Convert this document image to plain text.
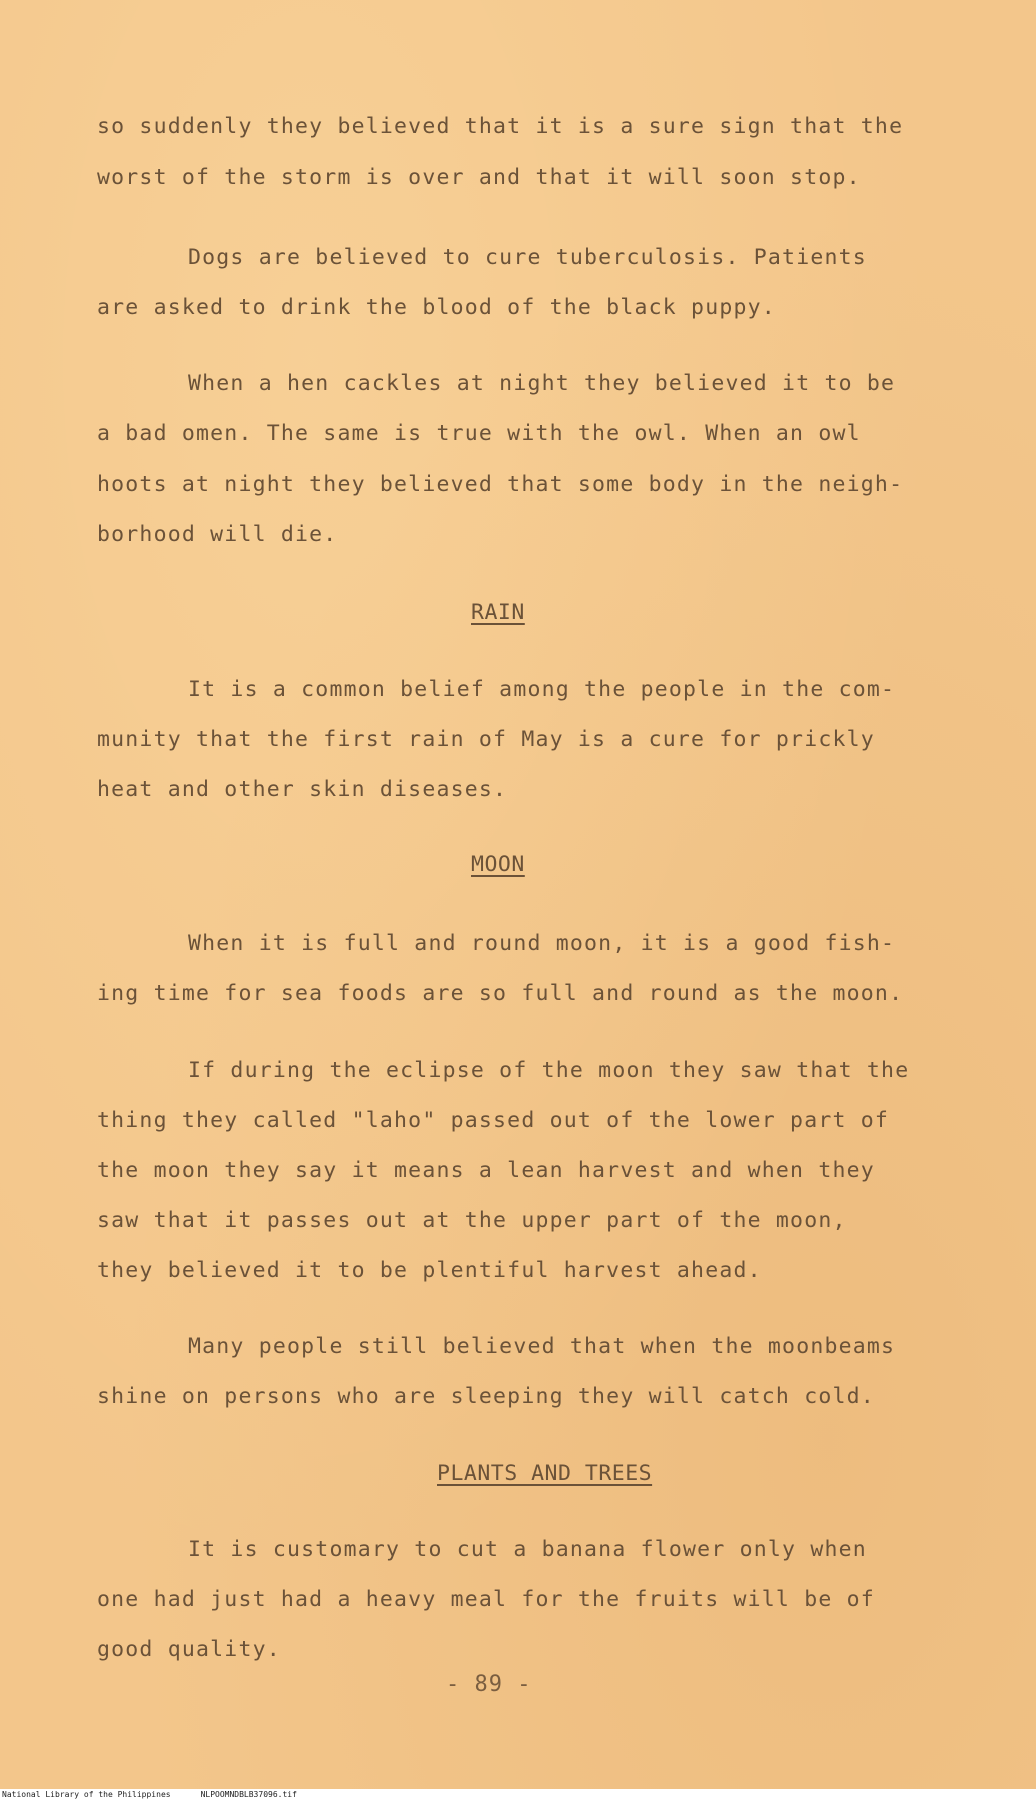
so suddenly they believed that it is a sure sign that the
worst of the storm is over and that it will soon stop.
Dogs are believed to cure tuberculosis. Patients
are asked to drink the blood of the black puppy.
When a hen cackles at night they believed it to be
a bad omen. The same is true with the owl. When an owl
hoots at night they believed that some body in the neigh-
borhood will die.
RAIN
It is a common belief among the people in the com-
munity that the first rain of May is a cure for prickly
heat and other skin diseases.
MOON
When it is full and round moon, it is a good fish-
ing time for sea foods are so full and round as the moon.
If during the eclipse of the moon they saw that the
thing they called "laho" passed out of the lower part of
the moon they say it means a lean harvest and when they
saw that it passes out at the upper part of the moon,
they believed it to be plentiful harvest ahead.
Many people still believed that when the moonbeams
shine on persons who are sleeping they will catch cold.
PLANTS AND TREES
It is customary to cut a banana flower only when
one had just had a heavy meal for the fruits will be of
good quality.
- 89 -
National Library of the Philippines	NLPOOMNDBLB37096.tif
